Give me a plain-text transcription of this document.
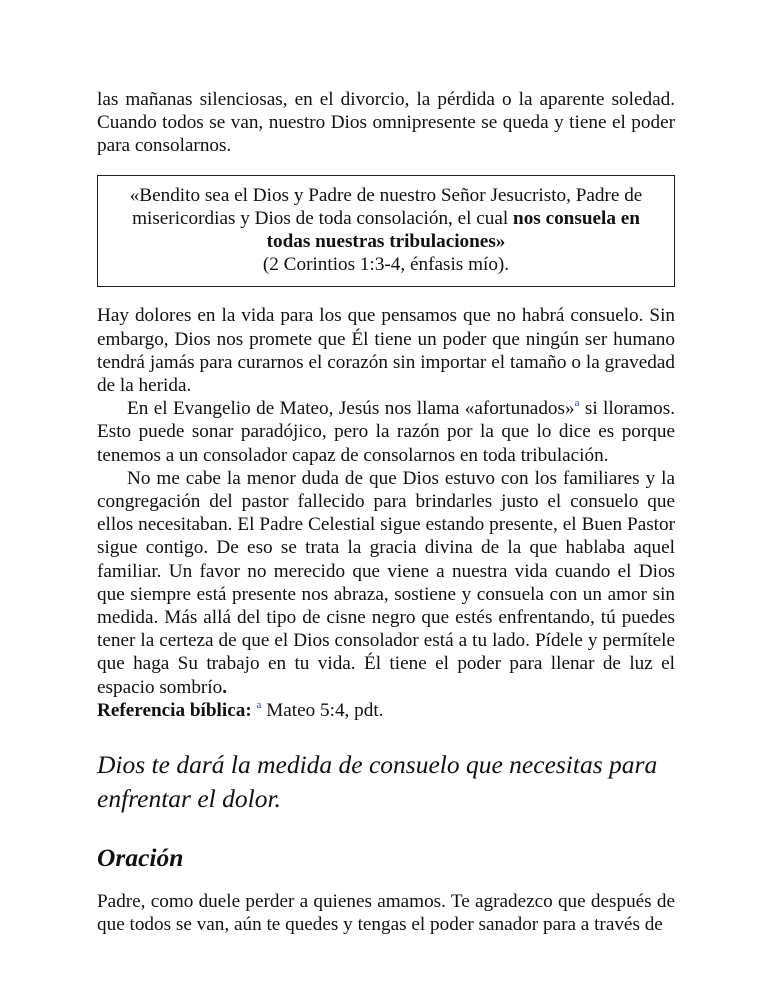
las mañanas silenciosas, en el divorcio, la pérdida o la aparente soledad. Cuando todos se van, nuestro Dios omnipresente se queda y tiene el poder para consolarnos.

«Bendito sea el Dios y Padre de nuestro Señor Jesucristo, Padre de misericordias y Dios de toda consolación, el cual nos consuela en todas nuestras tribulaciones»
(2 Corintios 1:3-4, énfasis mío).

Hay dolores en la vida para los que pensamos que no habrá consuelo. Sin embargo, Dios nos promete que Él tiene un poder que ningún ser humano tendrá jamás para curarnos el corazón sin importar el tamaño o la gravedad de la herida.

En el Evangelio de Mateo, Jesús nos llama «afortunados»$^a$ si lloramos. Esto puede sonar paradójico, pero la razón por la que lo dice es porque tenemos a un consolador capaz de consolarnos en toda tribulación.

No me cabe la menor duda de que Dios estuvo con los familiares y la congregación del pastor fallecido para brindarles justo el consuelo que ellos necesitaban. El Padre Celestial sigue estando presente, el Buen Pastor sigue contigo. De eso se trata la gracia divina de la que hablaba aquel familiar. Un favor no merecido que viene a nuestra vida cuando el Dios que siempre está presente nos abraza, sostiene y consuela con un amor sin medida. Más allá del tipo de cisne negro que estés enfrentando, tú puedes tener la certeza de que el Dios consolador está a tu lado. Pídele y permítele que haga Su trabajo en tu vida. Él tiene el poder para llenar de luz el espacio sombrío.
Referencia bíblica: $^a$ Mateo 5:4, pdt.

Dios te dará la medida de consuelo que necesitas para enfrentar el dolor.
Oración

Padre, como duele perder a quienes amamos. Te agradezco que después de que todos se van, aún te quedes y tengas el poder sanador para a través de
